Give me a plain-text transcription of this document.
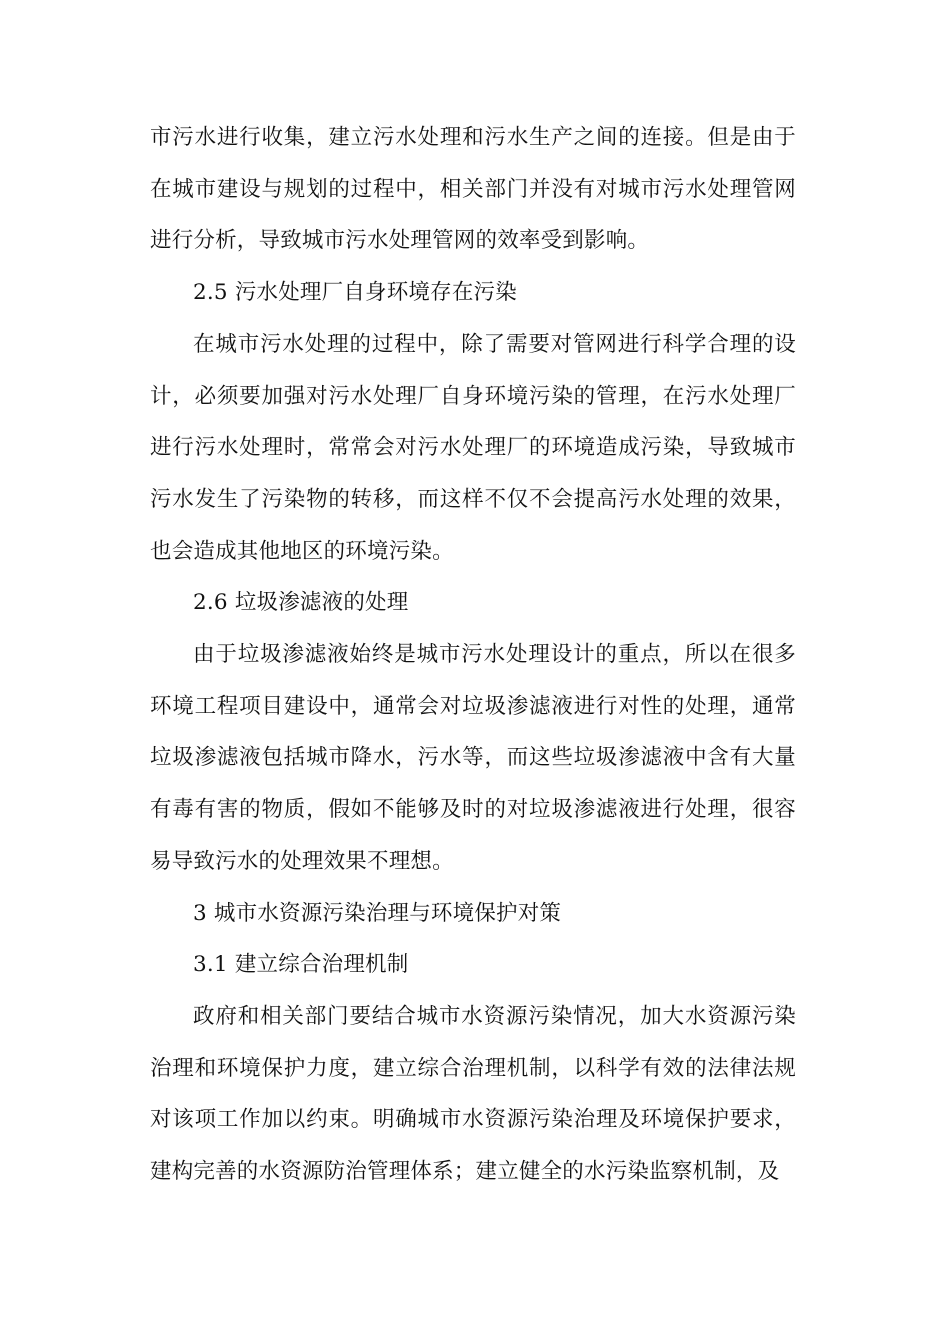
市污水进行收集，建立污水处理和污水生产之间的连接。但是由于在城市建设与规划的过程中，相关部门并没有对城市污水处理管网进行分析，导致城市污水处理管网的效率受到影响。

2.5 污水处理厂自身环境存在污染

在城市污水处理的过程中，除了需要对管网进行科学合理的设计，必须要加强对污水处理厂自身环境污染的管理，在污水处理厂进行污水处理时，常常会对污水处理厂的环境造成污染，导致城市污水发生了污染物的转移，而这样不仅不会提高污水处理的效果，也会造成其他地区的环境污染。

2.6 垃圾渗滤液的处理

由于垃圾渗滤液始终是城市污水处理设计的重点，所以在很多环境工程项目建设中，通常会对垃圾渗滤液进行对性的处理，通常垃圾渗滤液包括城市降水，污水等，而这些垃圾渗滤液中含有大量有毒有害的物质，假如不能够及时的对垃圾渗滤液进行处理，很容易导致污水的处理效果不理想。

3 城市水资源污染治理与环境保护对策

3.1 建立综合治理机制

政府和相关部门要结合城市水资源污染情况，加大水资源污染治理和环境保护力度，建立综合治理机制，以科学有效的法律法规对该项工作加以约束。明确城市水资源污染治理及环境保护要求，建构完善的水资源防治管理体系；建立健全的水污染监察机制，及
